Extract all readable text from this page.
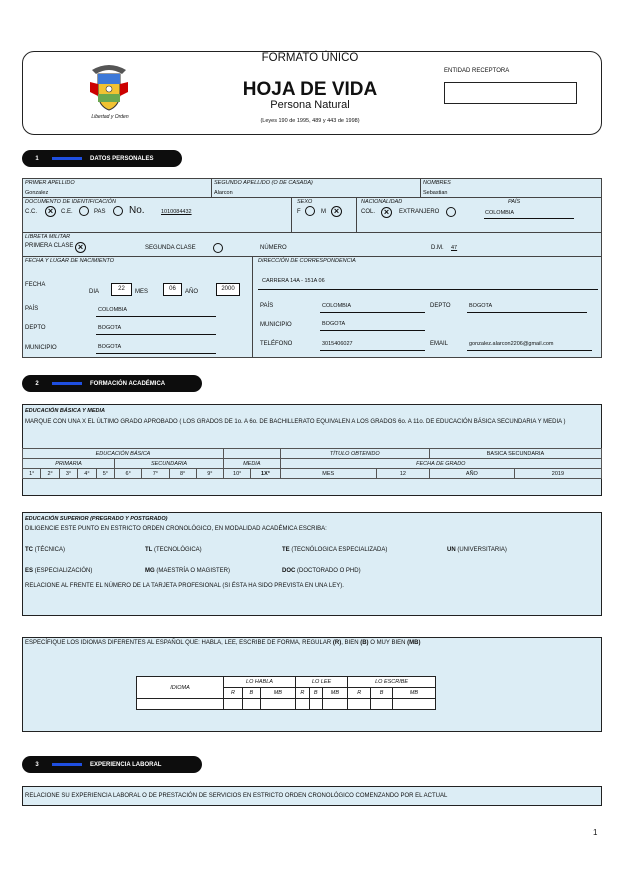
Libertad y Orden
FORMATO ÚNICO
HOJA DE VIDA
Persona Natural
(Leyes 190 de 1995, 489 y 443 de 1998)
ENTIDAD RECEPTORA
1	DATOS PERSONALES
PRIMER APELLIDO
Gonzalez
SEGUNDO APELLIDO (O DE CASADA)
Alarcon
NOMBRES
Sebastian
DOCUMENTO DE IDENTIFICACIÓN
C.C.	×	C.E.	PAS No.	1010084432
SEXO
F	M ×
NACIONALIDAD
COL. ×	EXTRANJERO
PAÍS
COLOMBIA
LIBRETA MILITAR
PRIMERA CLASE ×	SEGUNDA CLASE	NÚMERO	D.M. 47
FECHA Y LUGAR DE NACIMIENTO
FECHA
DIA	22	MES	06	AÑO	2000
PAÍS	COLOMBIA
DEPTO	BOGOTA
MUNICIPIO	BOGOTA
DIRECCIÓN DE CORRESPONDENCIA
CARRERA 14A - 151A 06
PAÍS	COLOMBIA	DEPTO	BOGOTA
MUNICIPIO	BOGOTA
TELÉFONO	3015406027	EMAIL	gonzalez.alarcon2206@gmail.com
2	FORMACIÓN ACADÉMICA
EDUCACIÓN BÁSICA Y MEDIA
MARQUE CON UNA X EL ÚLTIMO GRADO APROBADO ( LOS GRADOS DE 1o. A 6o. DE BACHILLERATO EQUIVALEN A LOS GRADOS 6o. A 11o. DE EDUCACIÓN BÁSICA SECUNDARIA Y MEDIA )
EDUCACIÓN BÁSICA											TÍTULO OBTENIDO		BASICA SECUNDARIA	
PRIMARIA					SECUNDARIA				MEDIA		FECHA DE GRADO			
1°	2°	3°	4°	5°	6°	7°	8°	9°	10°	1X°	MES	12	AÑO	2019
EDUCACIÓN SUPERIOR (PREGRADO Y POSTGRADO)
DILIGENCIE ESTE PUNTO EN ESTRICTO ORDEN CRONOLÓGICO, EN MODALIDAD ACADÉMICA ESCRIBA:
TC (TÉCNICA)	TL (TECNOLÓGICA)	TE (TECNÓLOGICA ESPECIALIZADA)	UN (UNIVERSITARIA)
ES (ESPECIALIZACIÓN)	MG (MAESTRÍA O MAGISTER)	DOC (DOCTORADO O PHD)
RELACIONE AL FRENTE EL NÚMERO DE LA TARJETA PROFESIONAL (SI ÉSTA HA SIDO PREVISTA EN UNA LEY).
ESPECÍFIQUE LOS IDIOMAS DIFERENTES AL ESPAÑOL QUE: HABLA, LEE, ESCRIBE DE FORMA, REGULAR (R), BIEN (B) O MUY BIEN (MB)
IDIOMA	LO HABLA			LO LEE			LO ESCRIBE		
	R	B	MB	R	B	MB	R	B	MB

3	EXPERIENCIA LABORAL
RELACIONE SU EXPERIENCIA LABORAL O DE PRESTACIÓN DE SERVICIOS EN ESTRICTO ORDEN CRONOLÓGICO COMENZANDO POR EL ACTUAL
1
